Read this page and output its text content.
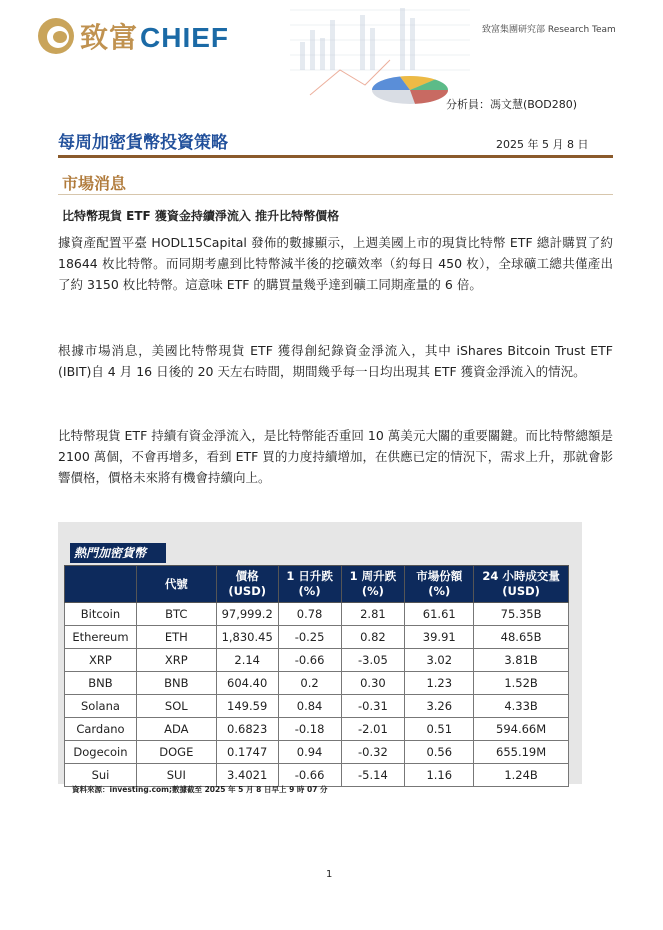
致富CHIEF	致富集團研究部 Research Team
分析員：馮文慧(BOD280)
每周加密貨幣投資策略	2025 年 5 月 8 日
市場消息
比特幣現貨 ETF 獲資金持續淨流入 推升比特幣價格
據資產配置平臺 HODL15Capital 發佈的數據顯示，上週美國上市的現貨比特幣 ETF 總計購買了約 18644 枚比特幣。而同期考慮到比特幣減半後的挖礦效率（約每日 450 枚），全球礦工總共僅產出了約 3150 枚比特幣。這意味 ETF 的購買量幾乎達到礦工同期產量的 6 倍。
根據市場消息，美國比特幣現貨 ETF 獲得創紀錄資金淨流入，其中 iShares Bitcoin Trust ETF (IBIT)自 4 月 16 日後的 20 天左右時間，期間幾乎每一日均出現其 ETF 獲資金淨流入的情況。
比特幣現貨 ETF 持續有資金淨流入，是比特幣能否重回 10 萬美元大關的重要關鍵。而比特幣總額是 2100 萬個，不會再增多，看到 ETF 買的力度持續增加，在供應已定的情況下，需求上升，那就會影響價格，價格未來將有機會持續向上。
熱門加密貨幣
	代號	價格 (USD)	1 日升跌 (%)	1 周升跌 (%)	市場份額 (%)	24 小時成交量(USD)
Bitcoin	BTC	97,999.2	0.78	2.81	61.61	75.35B
Ethereum	ETH	1,830.45	-0.25	0.82	39.91	48.65B
XRP	XRP	2.14	-0.66	-3.05	3.02	3.81B
BNB	BNB	604.40	0.2	0.30	1.23	1.52B
Solana	SOL	149.59	0.84	-0.31	3.26	4.33B
Cardano	ADA	0.6823	-0.18	-2.01	0.51	594.66M
Dogecoin	DOGE	0.1747	0.94	-0.32	0.56	655.19M
Sui	SUI	3.4021	-0.66	-5.14	1.16	1.24B
資料來源：investing.com;數據截至 2025 年 5 月 8 日早上 9 時 07 分
1
